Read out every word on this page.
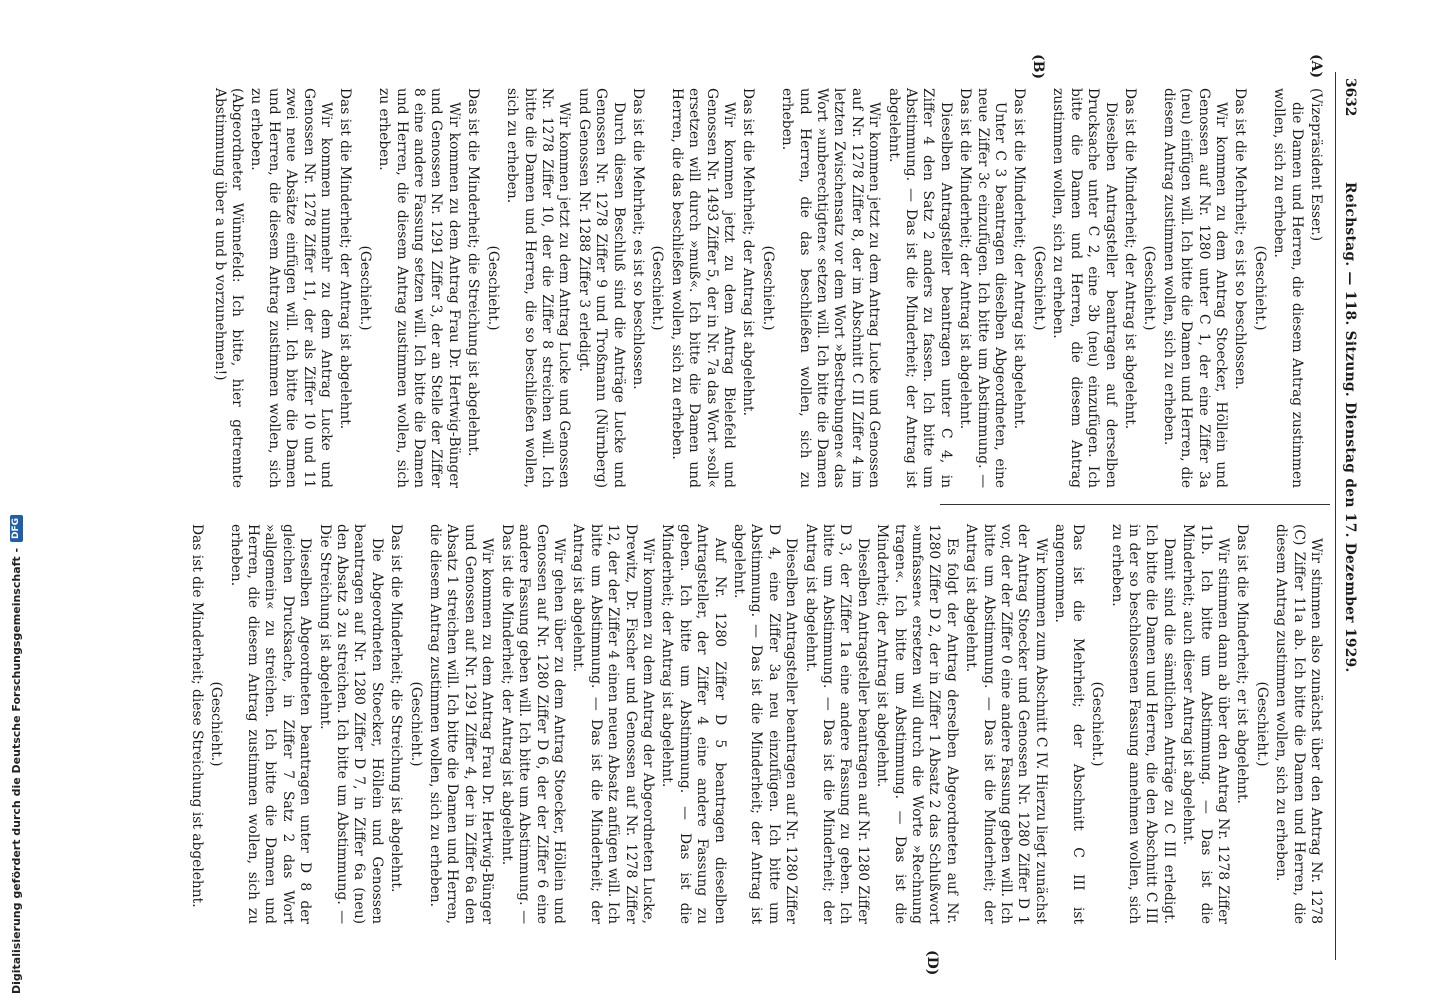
3632
Reichstag. — 118. Sitzung. Dienstag den 17. Dezember 1929.
(A)
(B)
(D)

(Vizepräsident Esser.)

die Damen und Herren, die diesem Antrag zustimmen wollen, sich zu erheben.

(Geschieht.)

Das ist die Mehrheit; es ist so beschlossen.

Wir kommen zu dem Antrag Stoecker, Höllein und Genossen auf Nr. 1280 unter C 1, der eine Ziffer 3a (neu) einfügen will. Ich bitte die Damen und Herren, die diesem Antrag zustimmen wollen, sich zu erheben.

(Geschieht.)

Das ist die Minderheit; der Antrag ist abgelehnt.

Dieselben Antragsteller beantragen auf derselben Drucksache unter C 2, eine 3b (neu) einzufügen. Ich bitte die Damen und Herren, die diesem Antrag zustimmen wollen, sich zu erheben.

(Geschieht.)

Das ist die Minderheit; der Antrag ist abgelehnt.

Unter C 3 beantragen dieselben Abgeordneten, eine neue Ziffer 3c einzufügen. Ich bitte um Abstimmung. — Das ist die Minderheit; der Antrag ist abgelehnt.

Dieselben Antragsteller beantragen unter C 4, in Ziffer 4 den Satz 2 anders zu fassen. Ich bitte um Abstimmung. — Das ist die Minderheit; der Antrag ist abgelehnt.

Wir kommen jetzt zu dem Antrag Lucke und Genossen auf Nr. 1278 Ziffer 8, der im Abschnitt C III Ziffer 4 im letzten Zwischensatz vor dem Wort »Bestrebungen« das Wort »unberechtigten« setzen will. Ich bitte die Damen und Herren, die das beschließen wollen, sich zu erheben.

(Geschieht.)

Das ist die Mehrheit; der Antrag ist abgelehnt.

Wir kommen jetzt zu dem Antrag Bielefeld und Genossen Nr. 1493 Ziffer 5, der in Nr. 7a das Wort »soll« ersetzen will durch »muß«. Ich bitte die Damen und Herren, die das beschließen wollen, sich zu erheben.

(Geschieht.)

Das ist die Mehrheit; es ist so beschlossen.

Durch diesen Beschluß sind die Anträge Lucke und Genossen Nr. 1278 Ziffer 9 und Troßmann (Nürnberg) und Genossen Nr. 1288 Ziffer 3 erledigt.

Wir kommen jetzt zu dem Antrag Lucke und Genossen Nr. 1278 Ziffer 10, der die Ziffer 8 streichen will. Ich bitte die Damen und Herren, die so beschließen wollen, sich zu erheben.

(Geschieht.)

Das ist die Minderheit; die Streichung ist abgelehnt.

Wir kommen zu dem Antrag Frau Dr. Hertwig-Bünger und Genossen Nr. 1291 Ziffer 3, der an Stelle der Ziffer 8 eine andere Fassung setzen will. Ich bitte die Damen und Herren, die diesem Antrag zustimmen wollen, sich zu erheben.

(Geschieht.)

Das ist die Minderheit; der Antrag ist abgelehnt.

Wir kommen nunmehr zu dem Antrag Lucke und Genossen Nr. 1278 Ziffer 11, der als Ziffer 10 und 11 zwei neue Absätze einfügen will. Ich bitte die Damen und Herren, die diesem Antrag zustimmen wollen, sich zu erheben.

(Abgeordneter Wünnefeld: Ich bitte, hier getrennte Abstimmung über a und b vorzunehmen!)

Wir stimmen also zunächst über den Antrag Nr. 1278 (C) Ziffer 11a ab. Ich bitte die Damen und Herren, die diesem Antrag zustimmen wollen, sich zu erheben.

(Geschieht.)

Das ist die Minderheit; er ist abgelehnt.

Wir stimmen dann ab über den Antrag Nr. 1278 Ziffer 11b. Ich bitte um Abstimmung. — Das ist die Minderheit; auch dieser Antrag ist abgelehnt.

Damit sind die sämtlichen Anträge zu C III erledigt. Ich bitte die Damen und Herren, die den Abschnitt C III in der so beschlossenen Fassung annehmen wollen, sich zu erheben.

(Geschieht.)

Das ist die Mehrheit; der Abschnitt C III ist angenommen.

Wir kommen zum Abschnitt C IV. Hierzu liegt zunächst der Antrag Stoecker und Genossen Nr. 1280 Ziffer D 1 vor, der der Ziffer 0 eine andere Fassung geben will. Ich bitte um Abstimmung. — Das ist die Minderheit; der Antrag ist abgelehnt.

Es folgt der Antrag derselben Abgeordneten auf Nr. 1280 Ziffer D 2, der in Ziffer 1 Absatz 2 das Schlußwort »umfassen« ersetzen will durch die Worte »Rechnung tragen«. Ich bitte um Abstimmung. — Das ist die Minderheit; der Antrag ist abgelehnt.

Dieselben Antragsteller beantragen auf Nr. 1280 Ziffer D 3, der Ziffer 1a eine andere Fassung zu geben. Ich bitte um Abstimmung. — Das ist die Minderheit; der Antrag ist abgelehnt.

Dieselben Antragsteller beantragen auf Nr. 1280 Ziffer D 4, eine Ziffer 3a neu einzufügen. Ich bitte um Abstimmung. — Das ist die Minderheit; der Antrag ist abgelehnt.

Auf Nr. 1280 Ziffer D 5 beantragen dieselben Antragsteller, der Ziffer 4 eine andere Fassung zu geben. Ich bitte um Abstimmung. — Das ist die Minderheit; der Antrag ist abgelehnt.

Wir kommen zu dem Antrag der Abgeordneten Lucke, Drewitz, Dr. Fischer und Genossen auf Nr. 1278 Ziffer 12, der der Ziffer 4 einen neuen Absatz anfügen will. Ich bitte um Abstimmung. — Das ist die Minderheit; der Antrag ist abgelehnt.

Wir gehen über zu dem Antrag Stoecker, Höllein und Genossen auf Nr. 1280 Ziffer D 6, der der Ziffer 6 eine andere Fassung geben will. Ich bitte um Abstimmung. — Das ist die Minderheit; der Antrag ist abgelehnt.

Wir kommen zu dem Antrag Frau Dr. Hertwig-Bünger und Genossen auf Nr. 1291 Ziffer 4, der in Ziffer 6a den Absatz 1 streichen will. Ich bitte die Damen und Herren, die diesem Antrag zustimmen wollen, sich zu erheben.

(Geschieht.)

Das ist die Minderheit; die Streichung ist abgelehnt.

Die Abgeordneten Stoecker, Höllein und Genossen beantragen auf Nr. 1280 Ziffer D 7, in Ziffer 6a (neu) den Absatz 3 zu streichen. Ich bitte um Abstimmung. — Die Streichung ist abgelehnt.

Dieselben Abgeordneten beantragen unter D 8 der gleichen Drucksache, in Ziffer 7 Satz 2 das Wort »allgemein« zu streichen. Ich bitte die Damen und Herren, die diesem Antrag zustimmen wollen, sich zu erheben.

(Geschieht.)

Das ist die Minderheit; diese Streichung ist abgelehnt.

Digitalisierung gefördert durch die Deutsche Forschungsgemeinschaft -
DFG
